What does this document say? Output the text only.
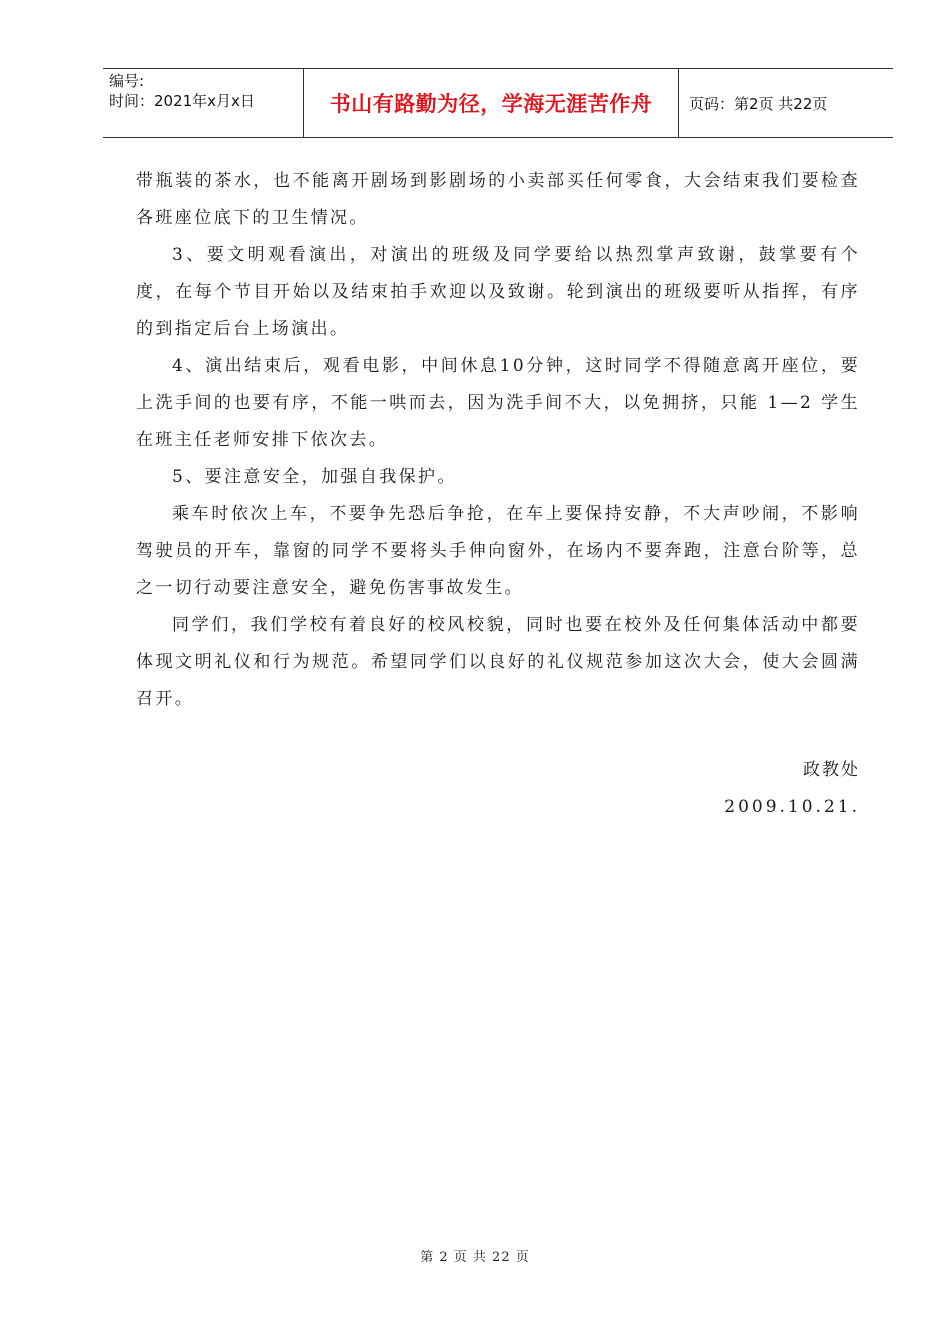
编号:
时间：2021年x月x日	书山有路勤为径，学海无涯苦作舟 页码：第2页 共22页

带瓶装的茶水，也不能离开剧场到影剧场的小卖部买任何零食，大会结束我们要检查各班座位底下的卫生情况。

3、要文明观看演出，对演出的班级及同学要给以热烈掌声致谢，鼓掌要有个度，在每个节目开始以及结束拍手欢迎以及致谢。轮到演出的班级要听从指挥，有序的到指定后台上场演出。

4、演出结束后，观看电影，中间休息10分钟，这时同学不得随意离开座位，要上洗手间的也要有序，不能一哄而去，因为洗手间不大，以免拥挤，只能 1—2 学生在班主任老师安排下依次去。

5、要注意安全，加强自我保护。

乘车时依次上车，不要争先恐后争抢，在车上要保持安静，不大声吵闹，不影响驾驶员的开车，靠窗的同学不要将头手伸向窗外，在场内不要奔跑，注意台阶等，总之一切行动要注意安全，避免伤害事故发生。

同学们，我们学校有着良好的校风校貌，同时也要在校外及任何集体活动中都要体现文明礼仪和行为规范。希望同学们以良好的礼仪规范参加这次大会，使大会圆满召开。

政教处
2009.10.21.
第 2 页 共 22 页
